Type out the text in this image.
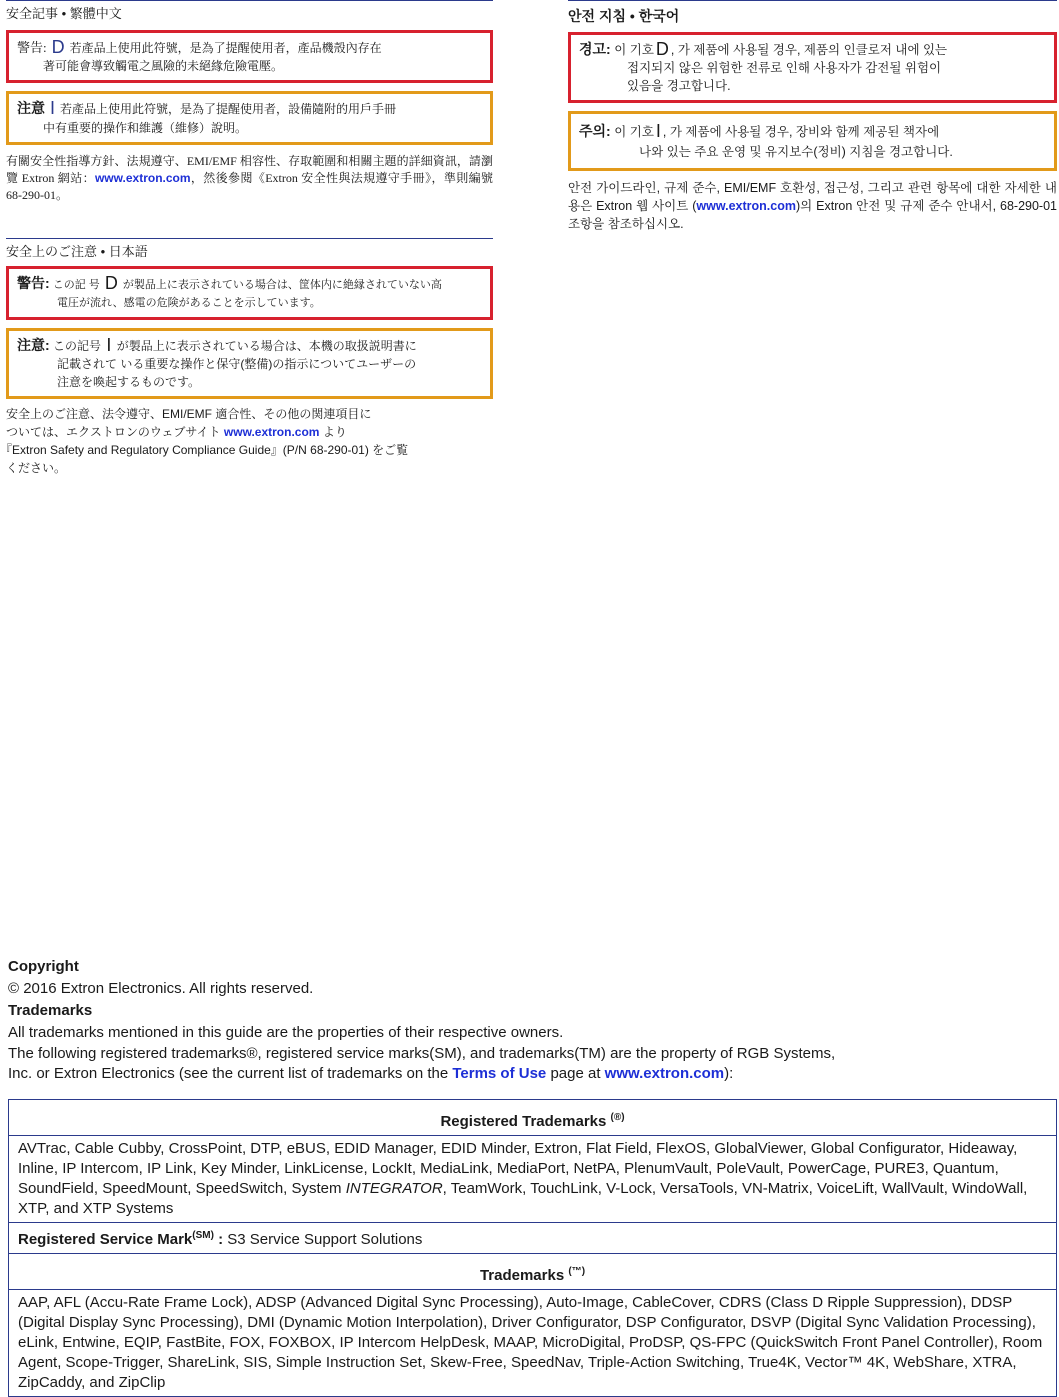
安全記事 • 繁體中文
警告: D 若產品上使用此符號，是為了提醒使用者，產品機殼內存在
著可能會導致觸電之風險的未絕緣危險電壓。
注意 I 若產品上使用此符號，是為了提醒使用者，設備隨附的用戶手冊
中有重要的操作和維護（維修）說明。
有關安全性指導方針、法規遵守、EMI/EMF 相容性、存取範圍和相關主題的詳細資訊，請瀏覽 Extron 網站：www.extron.com，然後參閱《Extron 安全性與法規遵守手冊》，準則編號 68-290-01。
安全上のご注意 • 日本語
警告: この記 号 D が製品上に表示されている場合は、筐体内に絶縁されていない高
電圧が流れ、感電の危険があることを示しています。
注意: この記号 I が製品上に表示されている場合は、本機の取扱説明書に
記載されて いる重要な操作と保守(整備)の指示についてユーザーの
注意を喚起するものです。
安全上のご注意、法令遵守、EMI/EMF 適合性、その他の関連項目に
ついては、エクストロンのウェブサイト www.extron.com より
『Extron Safety and Regulatory Compliance Guide』(P/N 68-290-01) をご覧
ください。
안전 지침 • 한국어
경고: 이 기호 D , 가 제품에 사용될 경우, 제품의 인클로저 내에 있는
접지되지 않은 위험한 전류로 인해 사용자가 감전될 위험이
있음을 경고합니다.
주의: 이 기호 I , 가 제품에 사용될 경우, 장비와 함께 제공된 책자에
나와 있는 주요 운영 및 유지보수(정비) 지침을 경고합니다.
안전 가이드라인, 규제 준수, EMI/EMF 호환성, 접근성, 그리고 관련 항목에 대한 자세한 내용은 Extron 웹 사이트 (www.extron.com)의 Extron 안전 및 규제 준수 안내서, 68-290-01 조항을 참조하십시오.
Copyright
© 2016 Extron Electronics. All rights reserved.
Trademarks
All trademarks mentioned in this guide are the properties of their respective owners.
The following registered trademarks®, registered service marks(SM), and trademarks(TM) are the property of RGB Systems,
Inc. or Extron Electronics (see the current list of trademarks on the Terms of Use page at www.extron.com):
Registered Trademarks (®)
AVTrac, Cable Cubby, CrossPoint, DTP, eBUS, EDID Manager, EDID Minder, Extron, Flat Field, FlexOS, GlobalViewer, Global Configurator, Hideaway, Inline, IP Intercom, IP Link, Key Minder, LinkLicense, LockIt, MediaLink, MediaPort, NetPA, PlenumVault, PoleVault, PowerCage, PURE3, Quantum, SoundField, SpeedMount, SpeedSwitch, System INTEGRATOR, TeamWork, TouchLink, V-Lock, VersaTools, VN-Matrix, VoiceLift, WallVault, WindoWall, XTP, and XTP Systems
Registered Service Mark$^{(SM)}$ : S3 Service Support Solutions
Trademarks (™)
AAP, AFL (Accu-Rate Frame Lock), ADSP (Advanced Digital Sync Processing), Auto-Image, CableCover, CDRS (Class D Ripple Suppression), DDSP (Digital Display Sync Processing), DMI (Dynamic Motion Interpolation), Driver Configurator, DSP Configurator, DSVP (Digital Sync Validation Processing), eLink, Entwine, EQIP, FastBite, FOX, FOXBOX, IP Intercom HelpDesk, MAAP, MicroDigital, ProDSP, QS-FPC (QuickSwitch Front Panel Controller), Room Agent, Scope-Trigger, ShareLink, SIS, Simple Instruction Set, Skew-Free, SpeedNav, Triple-Action Switching, True4K, Vector™ 4K, WebShare, XTRA, ZipCaddy, and ZipClip
